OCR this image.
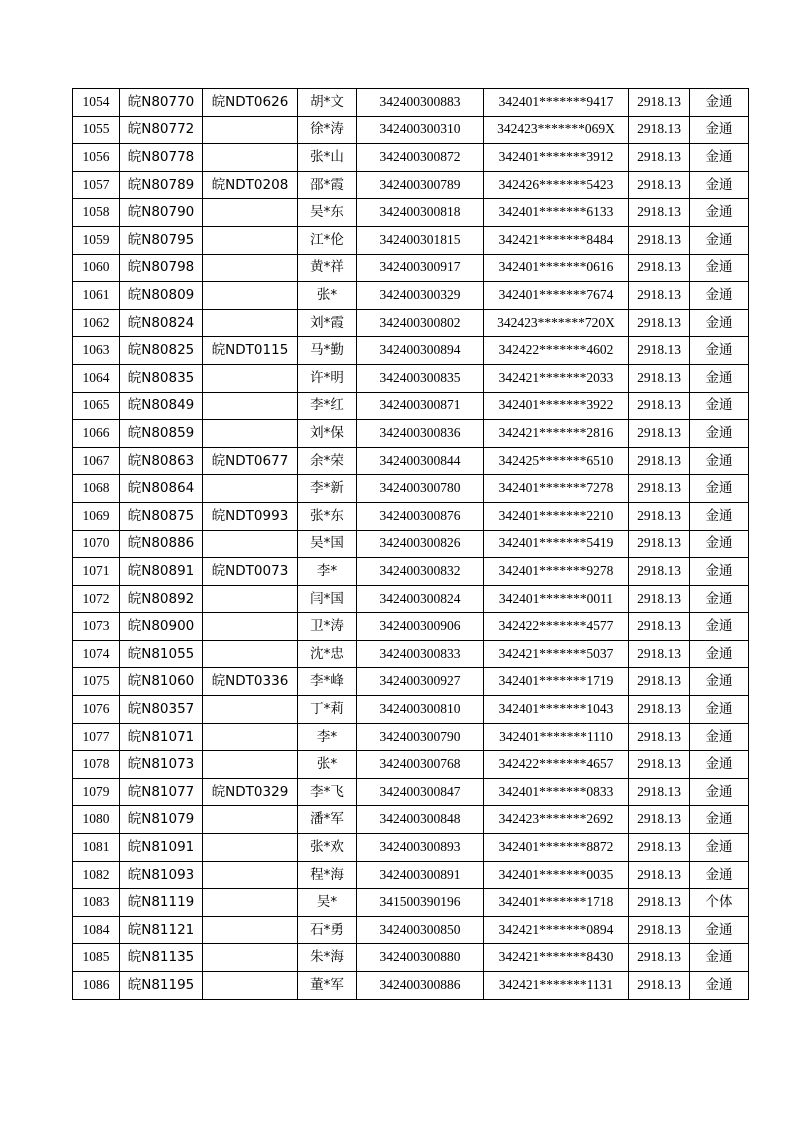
1054	皖N80770	皖NDT0626	胡*文	342400300883	342401*******9417	2918.13	金通
1055	皖N80772		徐*涛	342400300310	342423*******069X	2918.13	金通
1056	皖N80778		张*山	342400300872	342401*******3912	2918.13	金通
1057	皖N80789	皖NDT0208	邵*霞	342400300789	342426*******5423	2918.13	金通
1058	皖N80790		吴*东	342400300818	342401*******6133	2918.13	金通
1059	皖N80795		江*伦	342400301815	342421*******8484	2918.13	金通
1060	皖N80798		黄*祥	342400300917	342401*******0616	2918.13	金通
1061	皖N80809		张*	342400300329	342401*******7674	2918.13	金通
1062	皖N80824		刘*霞	342400300802	342423*******720X	2918.13	金通
1063	皖N80825	皖NDT0115	马*勤	342400300894	342422*******4602	2918.13	金通
1064	皖N80835		许*明	342400300835	342421*******2033	2918.13	金通
1065	皖N80849		李*红	342400300871	342401*******3922	2918.13	金通
1066	皖N80859		刘*保	342400300836	342421*******2816	2918.13	金通
1067	皖N80863	皖NDT0677	余*荣	342400300844	342425*******6510	2918.13	金通
1068	皖N80864		李*新	342400300780	342401*******7278	2918.13	金通
1069	皖N80875	皖NDT0993	张*东	342400300876	342401*******2210	2918.13	金通
1070	皖N80886		吴*国	342400300826	342401*******5419	2918.13	金通
1071	皖N80891	皖NDT0073	李*	342400300832	342401*******9278	2918.13	金通
1072	皖N80892		闫*国	342400300824	342401*******0011	2918.13	金通
1073	皖N80900		卫*涛	342400300906	342422*******4577	2918.13	金通
1074	皖N81055		沈*忠	342400300833	342421*******5037	2918.13	金通
1075	皖N81060	皖NDT0336	李*峰	342400300927	342401*******1719	2918.13	金通
1076	皖N80357		丁*莉	342400300810	342401*******1043	2918.13	金通
1077	皖N81071		李*	342400300790	342401*******1110	2918.13	金通
1078	皖N81073		张*	342400300768	342422*******4657	2918.13	金通
1079	皖N81077	皖NDT0329	李*飞	342400300847	342401*******0833	2918.13	金通
1080	皖N81079		潘*军	342400300848	342423*******2692	2918.13	金通
1081	皖N81091		张*欢	342400300893	342401*******8872	2918.13	金通
1082	皖N81093		程*海	342400300891	342401*******0035	2918.13	金通
1083	皖N81119		吴*	341500390196	342401*******1718	2918.13	个体
1084	皖N81121		石*勇	342400300850	342421*******0894	2918.13	金通
1085	皖N81135		朱*海	342400300880	342421*******8430	2918.13	金通
1086	皖N81195		董*军	342400300886	342421*******1131	2918.13	金通
